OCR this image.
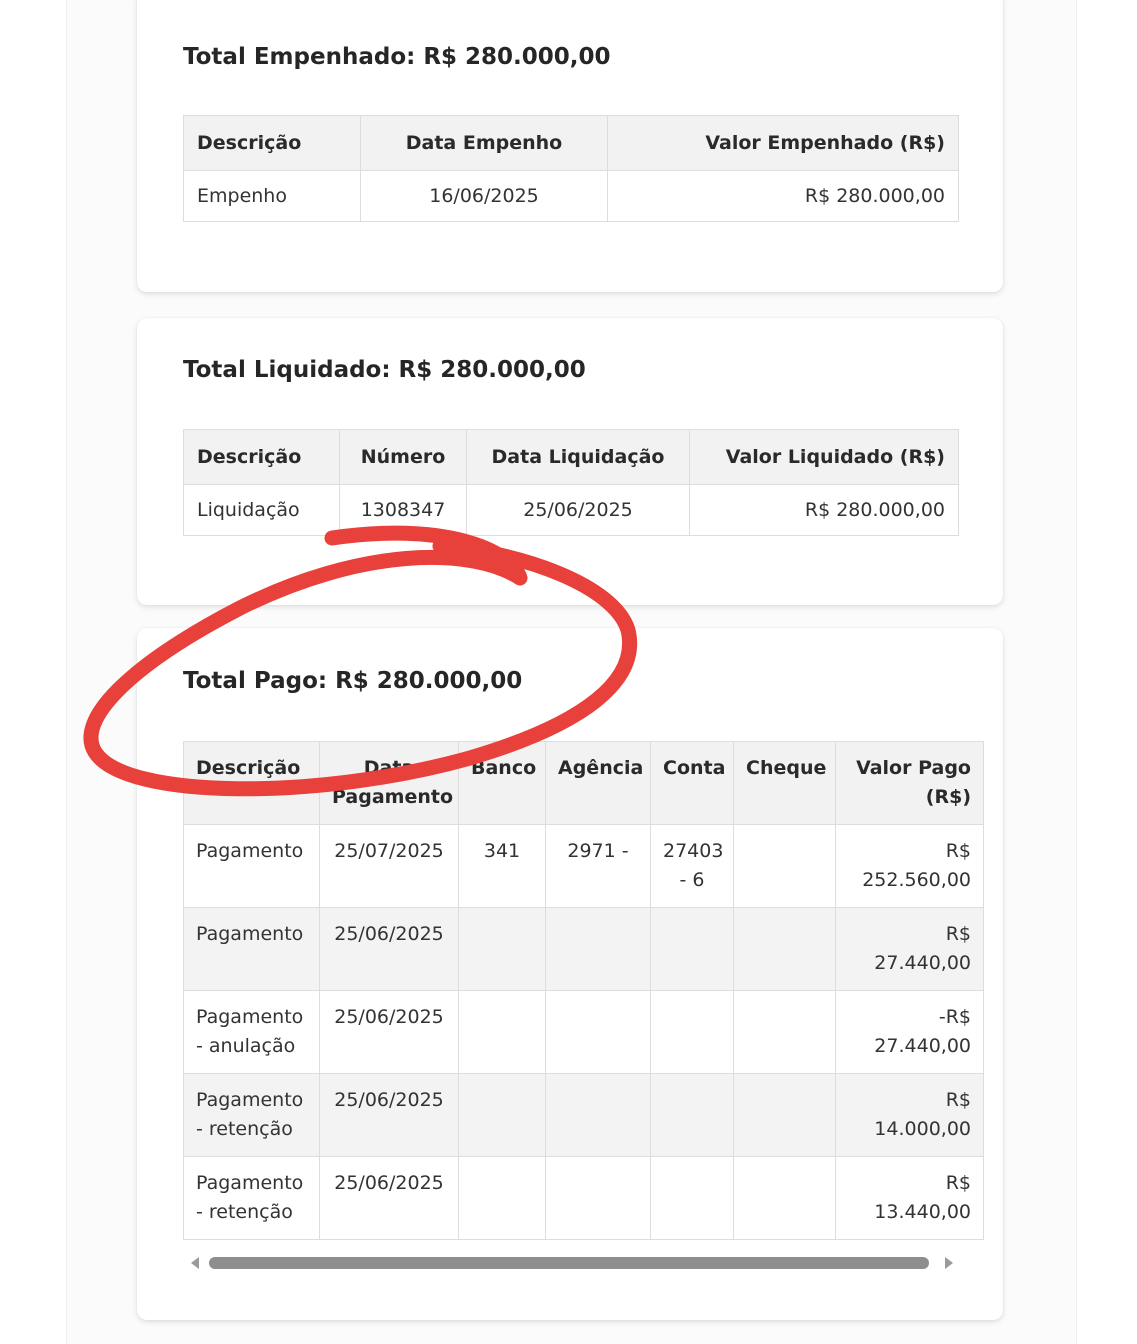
Total Empenhado: R$ 280.000,00
Descrição	Data Empenho	Valor Empenhado (R$)
Empenho	16/06/2025	R$ 280.000,00
Total Liquidado: R$ 280.000,00
Descrição	Número	Data Liquidação	Valor Liquidado (R$)
Liquidação	1308347	25/06/2025	R$ 280.000,00
Total Pago: R$ 280.000,00
Descrição	Data Pagamento	Banco	Agência	Conta	Cheque	Valor Pago (R$)
Pagamento	25/07/2025	341	2971 -	27403 - 6		R$ 252.560,00
Pagamento	25/06/2025					R$ 27.440,00
Pagamento - anulação	25/06/2025					-R$ 27.440,00
Pagamento - retenção	25/06/2025					R$ 14.000,00
Pagamento - retenção	25/06/2025					R$ 13.440,00
